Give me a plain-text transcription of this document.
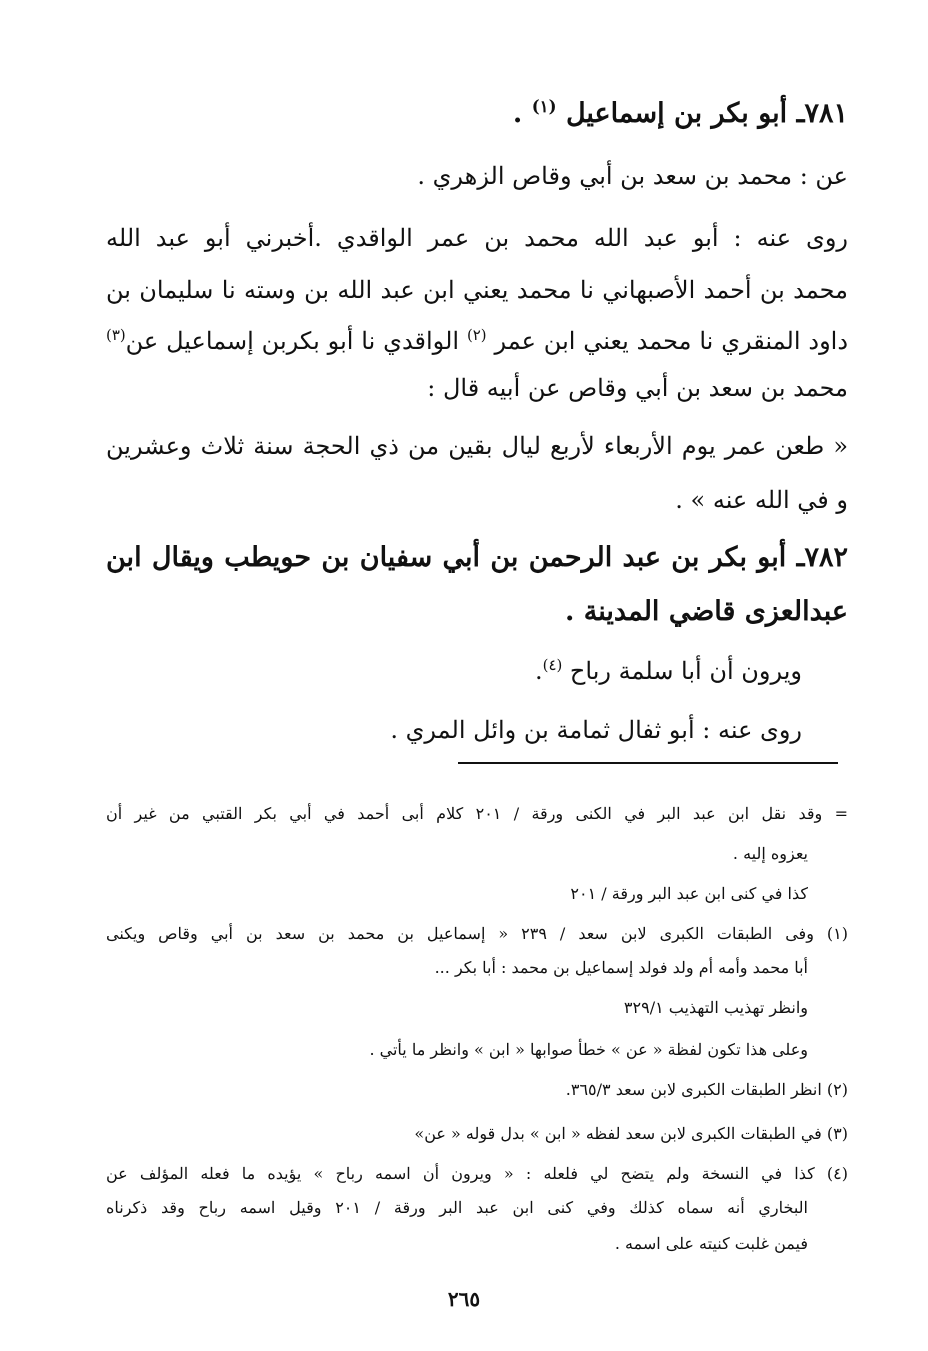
٧٨١ـ أبو بكر بن إسماعيل $^{(١)}$ .
عن : محمد بن سعد بن أبي وقاص الزهري .
روى عنه : أبو عبد الله محمد بن عمر الواقدي .أخبرني أبو عبد الله
محمد بن أحمد الأصبهاني نا محمد يعني ابن عبد الله بن وسته نا سليمان بن
داود المنقري نا محمد يعني ابن عمر $^{(٢)}$ الواقدي نا أبو بكربن إسماعيل عن$^{(٣)}$
محمد بن سعد بن أبي وقاص عن أبيه قال :
« طعن عمر يوم الأربعاء لأربع ليال بقين من ذي الحجة سنة ثلاث وعشرين
و في الله عنه » .
٧٨٢ـ أبو بكر بن عبد الرحمن بن أبي سفيان بن حويطب ويقال ابن
عبدالعزى قاضي المدينة .
ويرون أن أبا سلمة رباح $^{(٤)}$.
روى عنه : أبو ثفال ثمامة بن وائل المري .
= وقد نقل ابن عبد البر في الكنى ورقة / ٢٠١ كلام أبى أحمد في أبي بكر القتبي من غير أن
يعزوه إليه .
كذا في كنى ابن عبد البر ورقة / ٢٠١
(١) وفى الطبقات الكبرى لابن سعد / ٢٣٩ « إسماعيل بن محمد بن سعد بن أبي وقاص ويكنى
أبا محمد وأمه أم ولد فولد إسماعيل بن محمد : أبا بكر ...
وانظر تهذيب التهذيب ٣٢٩/١
وعلى هذا تكون لفظة « عن » خطأ صوابها « ابن » وانظر ما يأتي .
(٢) انظر الطبقات الكبرى لابن سعد ٣٦٥/٣.
(٣) في الطبقات الكبرى لابن سعد لفظه « ابن » بدل قوله « عن»
(٤) كذا في النسخة ولم يتضح لي فلعله : « ويرون أن اسمه رباح » يؤيده ما فعله المؤلف عن
البخاري أنه سماه كذلك وفي كنى ابن عبد البر ورقة / ٢٠١ وقيل اسمه رباح وقد ذكرناه
فيمن غلبت كنيته على اسمه .
٢٦٥
